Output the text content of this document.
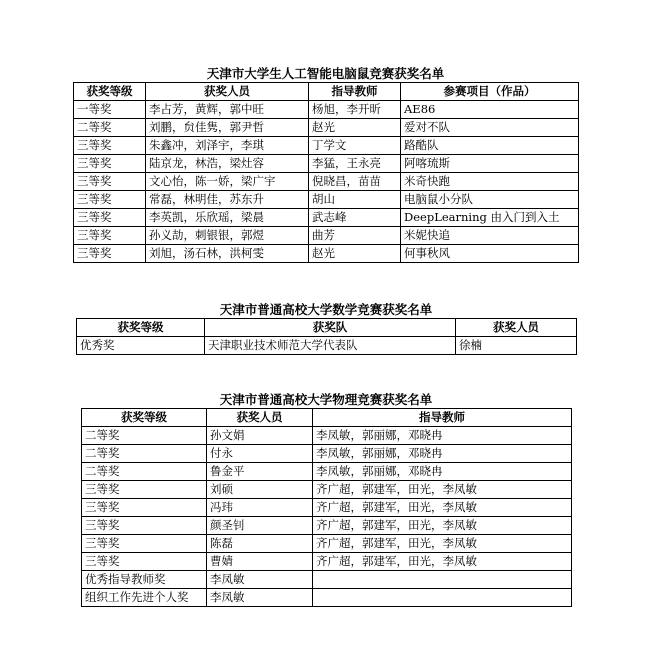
天津市大学生人工智能电脑鼠竞赛获奖名单
获奖等级	获奖人员	指导教师	参赛项目（作品）
一等奖	李占芳，黄辉，郭中旺	杨旭，李开昕	AE86
二等奖	刘鹏，贠佳隽，郭尹哲	赵光	爱对不队
三等奖	朱鑫冲，刘泽宇，李琪	丁学文	路酷队
三等奖	陆京龙，林浩，梁灶容	李猛，王永亮	阿喀琉斯
三等奖	文心怡，陈一娇，梁广宇	倪晓昌，苗苗	米奇快跑
三等奖	常磊，林明佳，苏东升	胡山	电脑鼠小分队
三等奖	李英凯，乐欣瑶，梁晨	武志峰	DeepLearning 由入门到入土
三等奖	孙义劼，刺银银，郭煜	曲芳	米妮快追
三等奖	刘旭，汤石林，洪柯雯	赵光	何事秋风
天津市普通高校大学数学竞赛获奖名单
获奖等级	获奖队	获奖人员
优秀奖	天津职业技术师范大学代表队	徐楠
天津市普通高校大学物理竞赛获奖名单
获奖等级	获奖人员	指导教师
二等奖	孙文娟	李凤敏，郭丽娜，邓晓冉
二等奖	付永	李凤敏，郭丽娜，邓晓冉
二等奖	鲁金平	李凤敏，郭丽娜，邓晓冉
三等奖	刘硕	齐广超，郭建军，田光，李凤敏
三等奖	冯玮	齐广超，郭建军，田光，李凤敏
三等奖	颜圣钊	齐广超，郭建军，田光，李凤敏
三等奖	陈磊	齐广超，郭建军，田光，李凤敏
三等奖	曹婧	齐广超，郭建军，田光，李凤敏
优秀指导教师奖	李凤敏	
组织工作先进个人奖	李凤敏	
